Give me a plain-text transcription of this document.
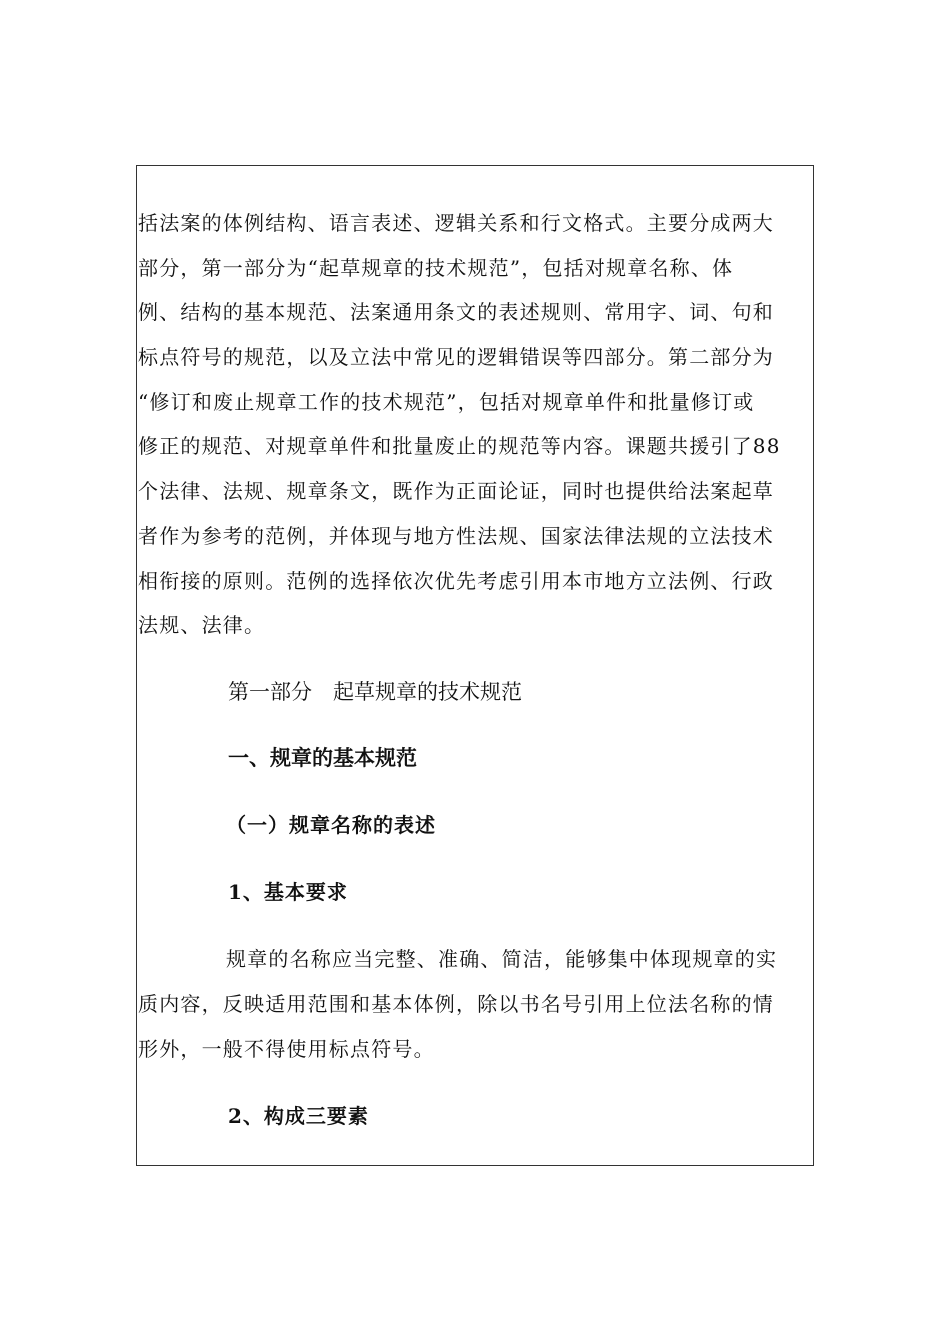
括法案的体例结构、语言表述、逻辑关系和行文格式。主要分成两大
部分，第一部分为“起草规章的技术规范”，包括对规章名称、体
例、结构的基本规范、法案通用条文的表述规则、常用字、词、句和
标点符号的规范，以及立法中常见的逻辑错误等四部分。第二部分为
“修订和废止规章工作的技术规范”，包括对规章单件和批量修订或
修正的规范、对规章单件和批量废止的规范等内容。课题共援引了88
个法律、法规、规章条文，既作为正面论证，同时也提供给法案起草
者作为参考的范例，并体现与地方性法规、国家法律法规的立法技术
相衔接的原则。范例的选择依次优先考虑引用本市地方立法例、行政
法规、法律。
第一部分　起草规章的技术规范
一、规章的基本规范
（一）规章名称的表述
1、基本要求
规章的名称应当完整、准确、简洁，能够集中体现规章的实
质内容，反映适用范围和基本体例，除以书名号引用上位法名称的情
形外，一般不得使用标点符号。
2、构成三要素
